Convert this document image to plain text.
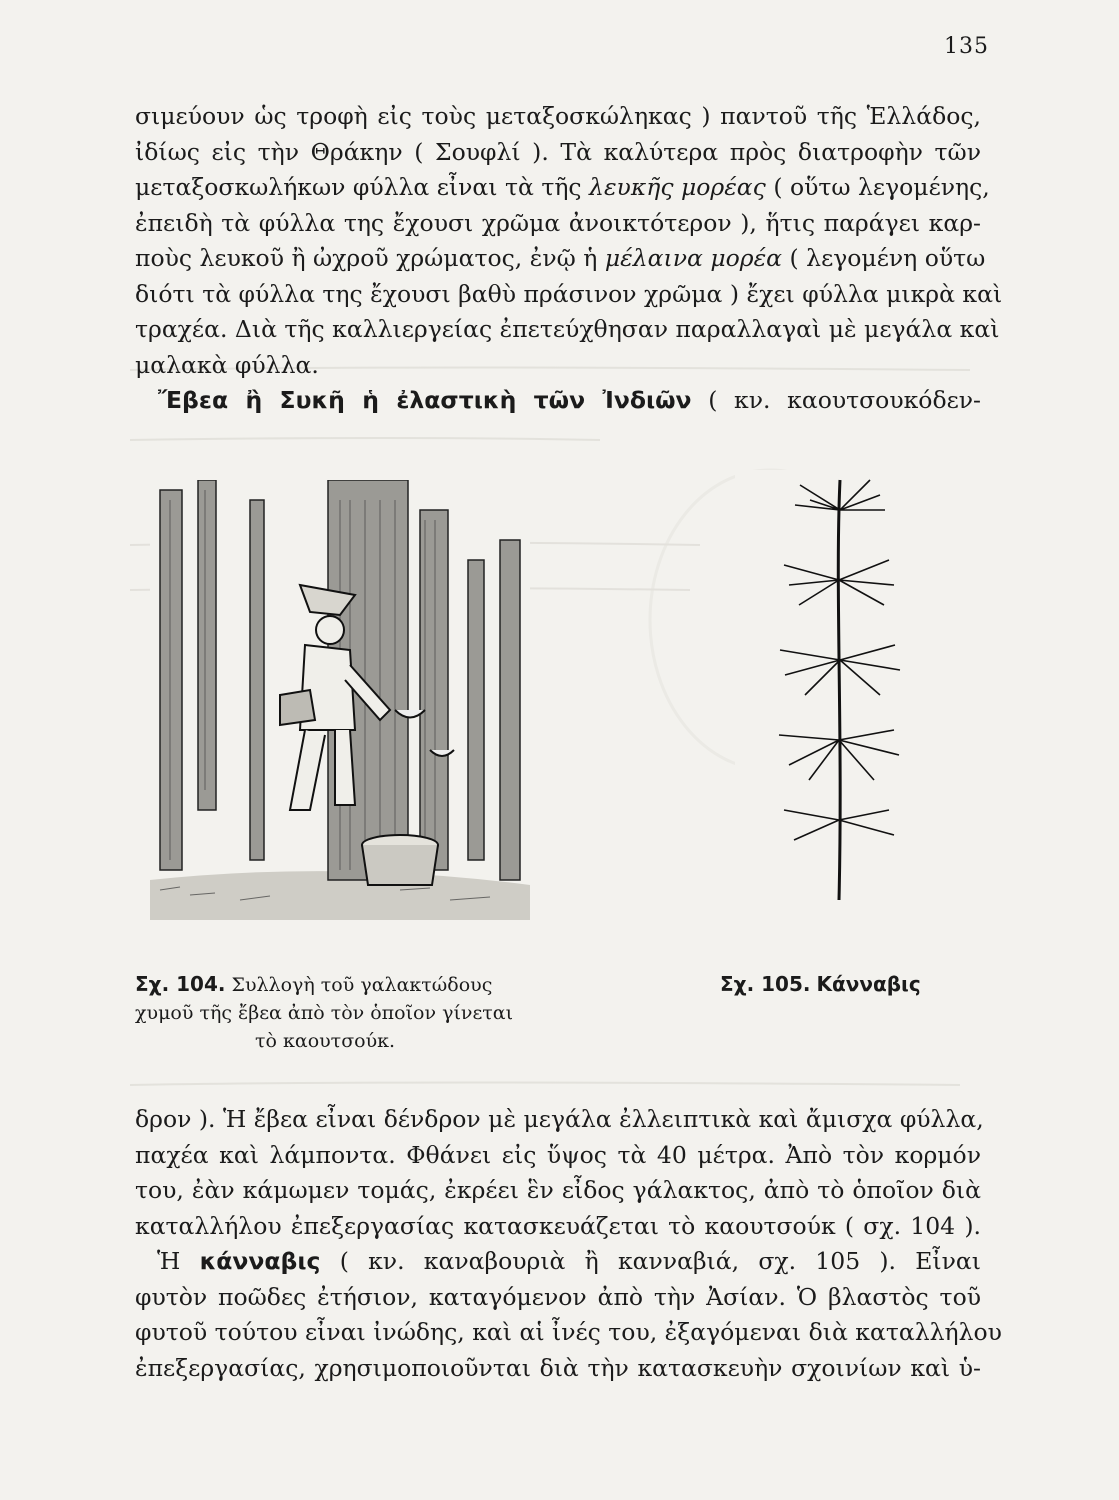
135
σιμεύουν ὡς τροφὴ εἰς τοὺς μεταξοσκώληκας ) παντοῦ τῆς Ἑλλάδος,
ἰδίως εἰς τὴν Θράκην ( Σουφλί ). Τὰ καλύτερα πρὸς διατροφὴν τῶν
μεταξοσκωλήκων φύλλα εἶναι τὰ τῆς λευκῆς μορέας ( οὕτω λεγομένης,
ἐπειδὴ τὰ φύλλα της ἔχουσι χρῶμα ἀνοικτότερον ), ἥτις παράγει καρ-
ποὺς λευκοῦ ἢ ὠχροῦ χρώματος, ἐνῷ ἡ μέλαινα μορέα ( λεγομένη οὕτω
διότι τὰ φύλλα της ἔχουσι βαθὺ πράσινον χρῶμα ) ἔχει φύλλα μικρὰ καὶ
τραχέα. Διὰ τῆς καλλιεργείας ἐπετεύχθησαν παραλλαγαὶ μὲ μεγάλα καὶ
μαλακὰ φύλλα.
Ἔβεα ἢ Συκῆ ἡ ἐλαστικὴ τῶν Ἰνδιῶν ( κν. καουτσουκόδεν-
Σχ. 104. Συλλογὴ τοῦ γαλακτώδους
χυμοῦ τῆς ἔβεα ἀπὸ τὸν ὁποῖον γίνεται
τὸ καουτσούκ.
Σχ. 105. Κάνναβις
δρον ). Ἡ ἔβεα εἶναι δένδρον μὲ μεγάλα ἐλλειπτικὰ καὶ ἄμισχα φύλλα,
παχέα καὶ λάμποντα. Φθάνει εἰς ὕψος τὰ 40 μέτρα. Ἀπὸ τὸν κορμόν
του, ἐὰν κάμωμεν τομάς, ἐκρέει ἓν εἶδος γάλακτος, ἀπὸ τὸ ὁποῖον διὰ
καταλλήλου ἐπεξεργασίας κατασκευάζεται τὸ καουτσούκ ( σχ. 104 ).
Ἡ κάνναβις ( κν. καναβουριὰ ἢ κανναβιά, σχ. 105 ). Εἶναι
φυτὸν ποῶδες ἐτήσιον, καταγόμενον ἀπὸ τὴν Ἀσίαν. Ὁ βλαστὸς τοῦ
φυτοῦ τούτου εἶναι ἰνώδης, καὶ αἱ ἶνές του, ἐξαγόμεναι διὰ καταλλήλου
ἐπεξεργασίας, χρησιμοποιοῦνται διὰ τὴν κατασκευὴν σχοινίων καὶ ὑ-
